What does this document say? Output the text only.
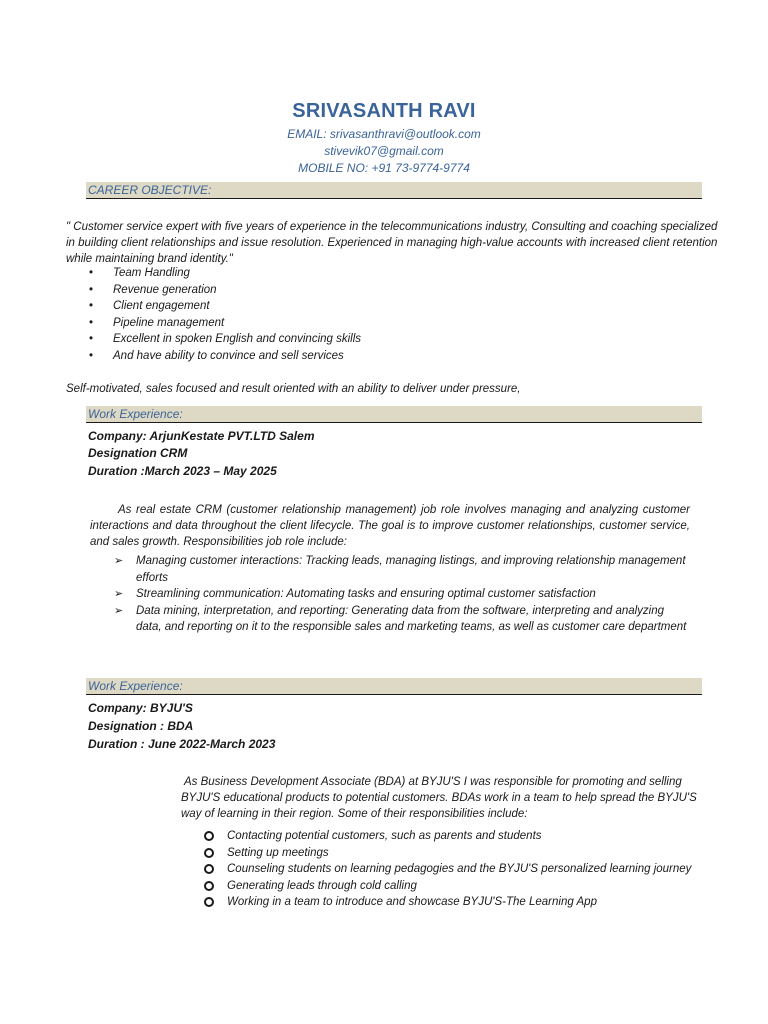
SRIVASANTH RAVI
EMAIL: srivasanthravi@outlook.com
stivevik07@gmail.com
MOBILE NO: +91 73-9774-9774
CAREER OBJECTIVE:
" Customer service expert with five years of experience in the telecommunications industry, Consulting and coaching specialized in building client relationships and issue resolution. Experienced in managing high-value accounts with increased client retention while maintaining brand identity."
• Team Handling
• Revenue generation
• Client engagement
• Pipeline management
• Excellent in spoken English and convincing skills
• And have ability to convince and sell services
Self-motivated, sales focused and result oriented with an ability to deliver under pressure,
Work Experience:
Company: ArjunKestate PVT.LTD Salem
Designation CRM
Duration :March 2023 – May 2025
As real estate CRM (customer relationship management) job role involves managing and analyzing customer interactions and data throughout the client lifecycle. The goal is to improve customer relationships, customer service, and sales growth. Responsibilities job role include:
➢ Managing customer interactions: Tracking leads, managing listings, and improving relationship management efforts
➢ Streamlining communication: Automating tasks and ensuring optimal customer satisfaction
➢ Data mining, interpretation, and reporting: Generating data from the software, interpreting and analyzing data, and reporting on it to the responsible sales and marketing teams, as well as customer care department
Work Experience:
Company: BYJU'S
Designation : BDA
Duration : June 2022-March 2023
As Business Development Associate (BDA) at BYJU'S I was responsible for promoting and selling BYJU'S educational products to potential customers. BDAs work in a team to help spread the BYJU'S way of learning in their region. Some of their responsibilities include:
Contacting potential customers, such as parents and students
Setting up meetings
Counseling students on learning pedagogies and the BYJU'S personalized learning journey
Generating leads through cold calling
Working in a team to introduce and showcase BYJU'S-The Learning App
